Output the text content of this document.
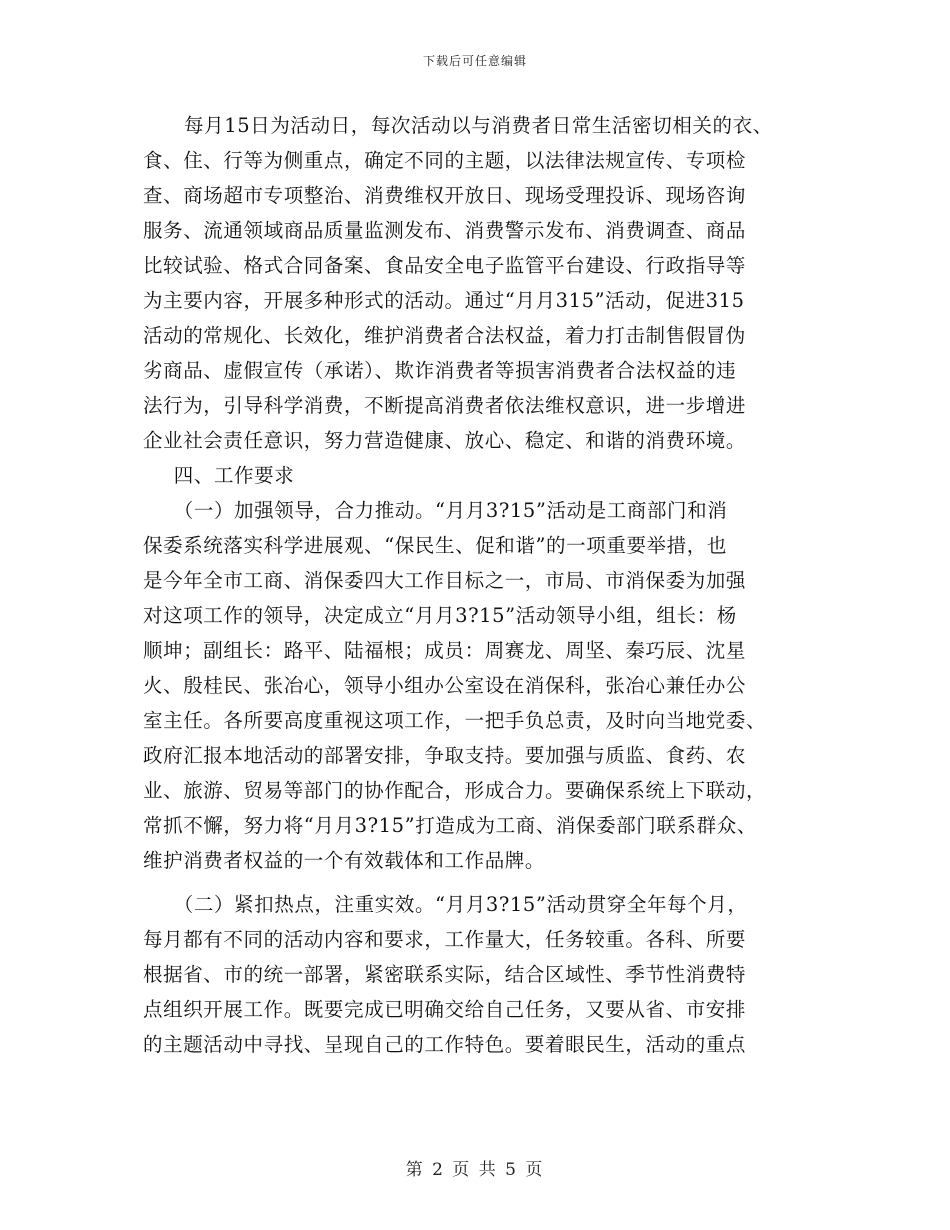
下载后可任意编辑
每月15日为活动日，每次活动以与消费者日常生活密切相关的衣、
食、住、行等为侧重点，确定不同的主题，以法律法规宣传、专项检
查、商场超市专项整治、消费维权开放日、现场受理投诉、现场咨询
服务、流通领域商品质量监测发布、消费警示发布、消费调查、商品
比较试验、格式合同备案、食品安全电子监管平台建设、行政指导等
为主要内容，开展多种形式的活动。通过“月月315”活动，促进315
活动的常规化、长效化，维护消费者合法权益，着力打击制售假冒伪
劣商品、虚假宣传（承诺）、欺诈消费者等损害消费者合法权益的违
法行为，引导科学消费，不断提高消费者依法维权意识，进一步增进
企业社会责任意识，努力营造健康、放心、稳定、和谐的消费环境。
四、工作要求
（一）加强领导，合力推动。“月月3?15”活动是工商部门和消
保委系统落实科学进展观、“保民生、促和谐”的一项重要举措，也
是今年全市工商、消保委四大工作目标之一，市局、市消保委为加强
对这项工作的领导，决定成立“月月3?15”活动领导小组，组长：杨
顺坤；副组长：路平、陆福根；成员：周赛龙、周坚、秦巧辰、沈星
火、殷桂民、张冶心，领导小组办公室设在消保科，张冶心兼任办公
室主任。各所要高度重视这项工作，一把手负总责，及时向当地党委、
政府汇报本地活动的部署安排，争取支持。要加强与质监、食药、农
业、旅游、贸易等部门的协作配合，形成合力。要确保系统上下联动，
常抓不懈，努力将“月月3?15”打造成为工商、消保委部门联系群众、
维护消费者权益的一个有效载体和工作品牌。
（二）紧扣热点，注重实效。“月月3?15”活动贯穿全年每个月，
每月都有不同的活动内容和要求，工作量大，任务较重。各科、所要
根据省、市的统一部署，紧密联系实际，结合区域性、季节性消费特
点组织开展工作。既要完成已明确交给自己任务，又要从省、市安排
的主题活动中寻找、呈现自己的工作特色。要着眼民生，活动的重点
第 2 页 共 5 页
